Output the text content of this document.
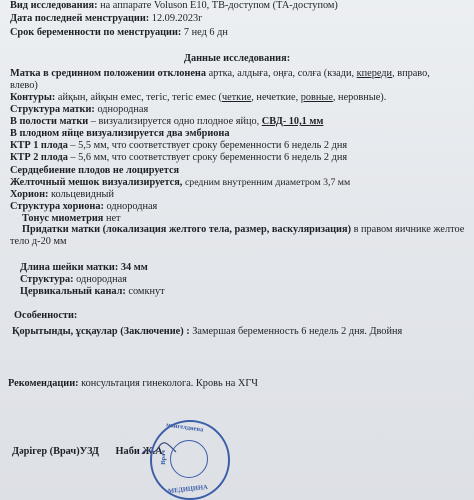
Вид исследования: на аппарате Voluson E10, ТВ-доступом (ТА-доступом)
Дата последней менструации: 12.09.2023г
Срок беременности по менструации: 7 нед 6 дн
Данные исследования:
Матка в срединном положении отклонена артка, алдыға, оңға, солға (кзади, кпереди, вправо,
влево)
Контуры: айқын, айқын емес, тегіс, тегіс емес (четкие, нечеткие, ровные, неровные).
Структура матки: однородная
В полости матки – визуализируется одно плодное яйцо, СВД- 10,1 мм
В плодном яйце визуализируется два эмбриона
КТР 1 плода – 5,5 мм, что соответствует сроку беременности 6 недель 2 дня
КТР 2 плода – 5,6 мм, что соответствует сроку беременности 6 недель 2 дня
Сердцебиение плодов не лоцируется
Желточный мешок визуализируется, средним внутренним диаметром 3,7 мм
Хорион: кольцевидный
Структура хориона: однородная
Тонус миометрия нет
Придатки матки (локализация желтого тела, размер, васкуляризация) в правом яичнике желтое
тело д-20 мм
Длина шейки матки: 34 мм
Структура: однородная
Цервикальный канал: сомкнут
Особенности:
Қорытынды, ұсқаулар (Заключение) : Замершая беременность 6 недель 2 дня. Двойня
Рекомендации: консультация гинеколога. Кровь на ХГЧ
Дәрігер (Врач)УЗД Наби Ж.А
мангелдиева
Врач
МЕДИЦИНА
